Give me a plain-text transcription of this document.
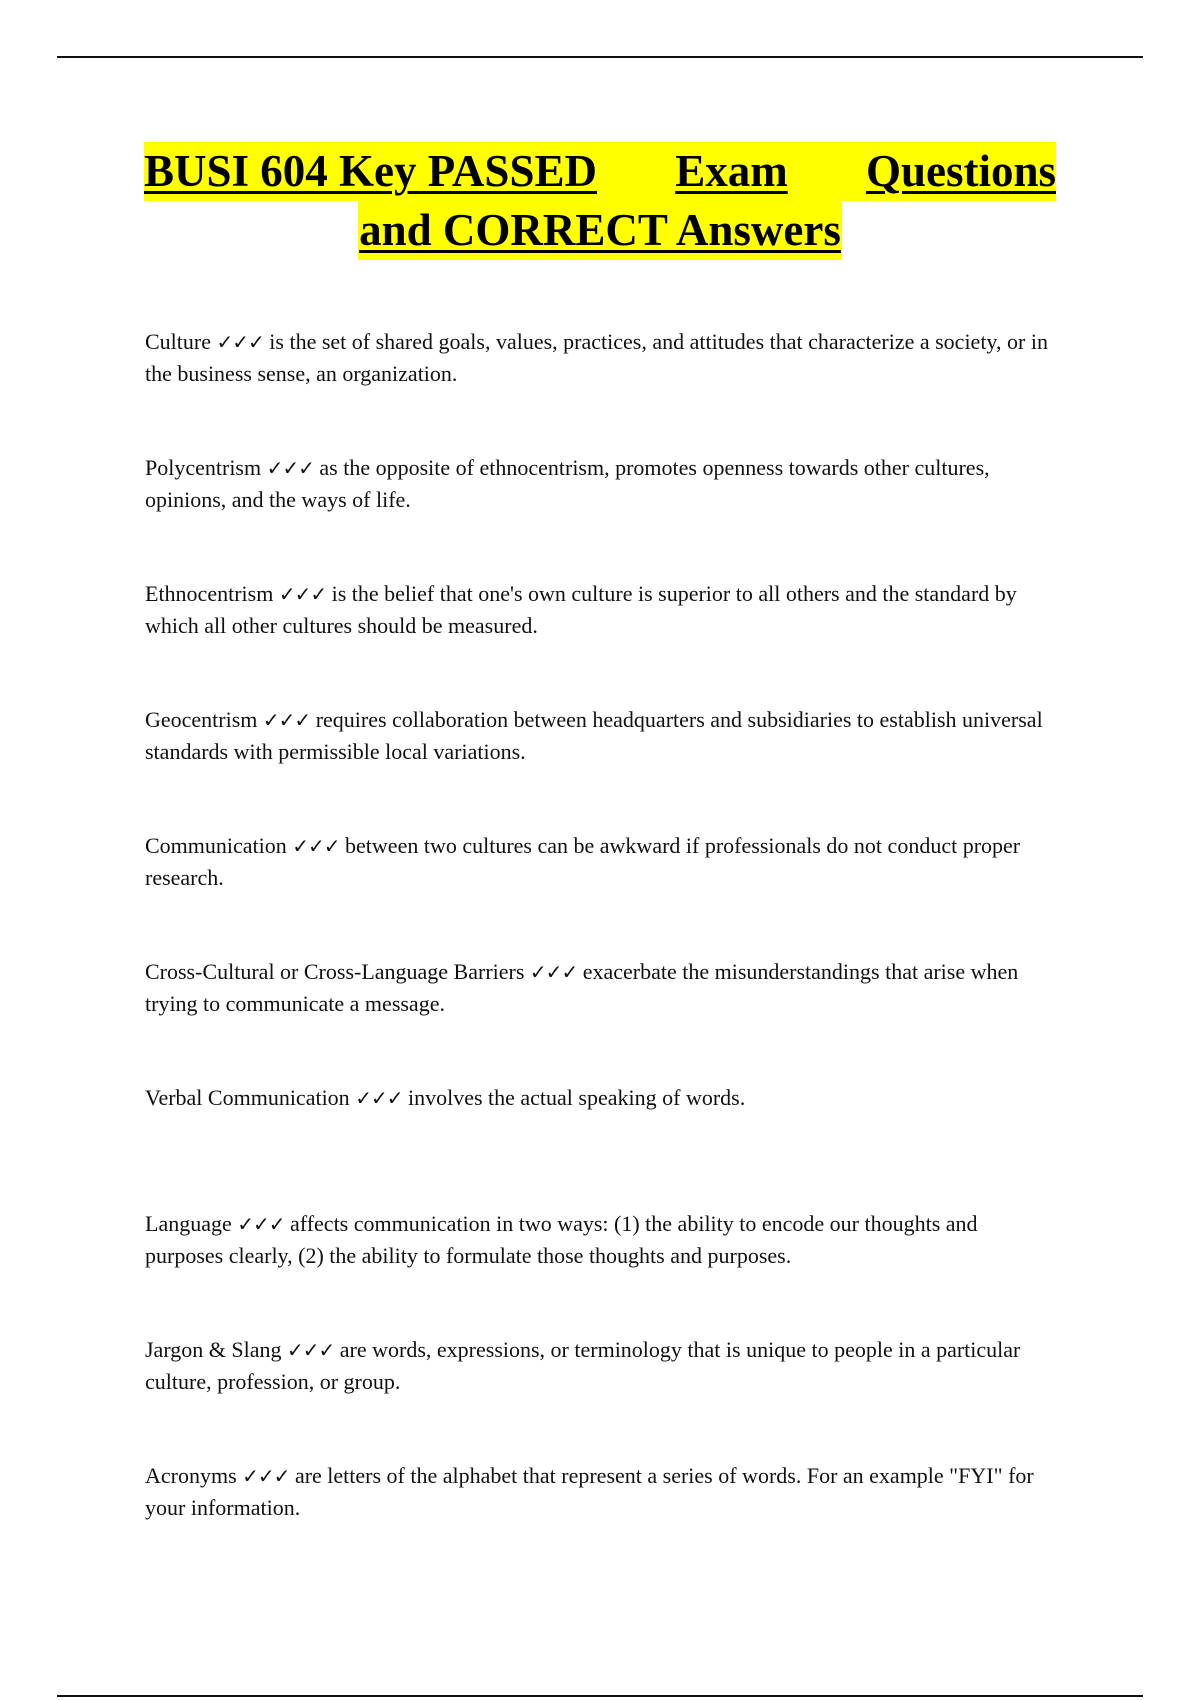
BUSI 604 Key PASSED Exam Questions
and CORRECT Answers

Culture ✓✓✓ is the set of shared goals, values, practices, and attitudes that characterize a society, or in the business sense, an organization.

Polycentrism ✓✓✓ as the opposite of ethnocentrism, promotes openness towards other cultures, opinions, and the ways of life.

Ethnocentrism ✓✓✓ is the belief that one's own culture is superior to all others and the standard by which all other cultures should be measured.

Geocentrism ✓✓✓ requires collaboration between headquarters and subsidiaries to establish universal standards with permissible local variations.

Communication ✓✓✓ between two cultures can be awkward if professionals do not conduct proper research.

Cross-Cultural or Cross-Language Barriers ✓✓✓ exacerbate the misunderstandings that arise when trying to communicate a message.

Verbal Communication ✓✓✓ involves the actual speaking of words.

Language ✓✓✓ affects communication in two ways: (1) the ability to encode our thoughts and purposes clearly, (2) the ability to formulate those thoughts and purposes.

Jargon & Slang ✓✓✓ are words, expressions, or terminology that is unique to people in a particular culture, profession, or group.

Acronyms ✓✓✓ are letters of the alphabet that represent a series of words. For an example "FYI" for your information.
